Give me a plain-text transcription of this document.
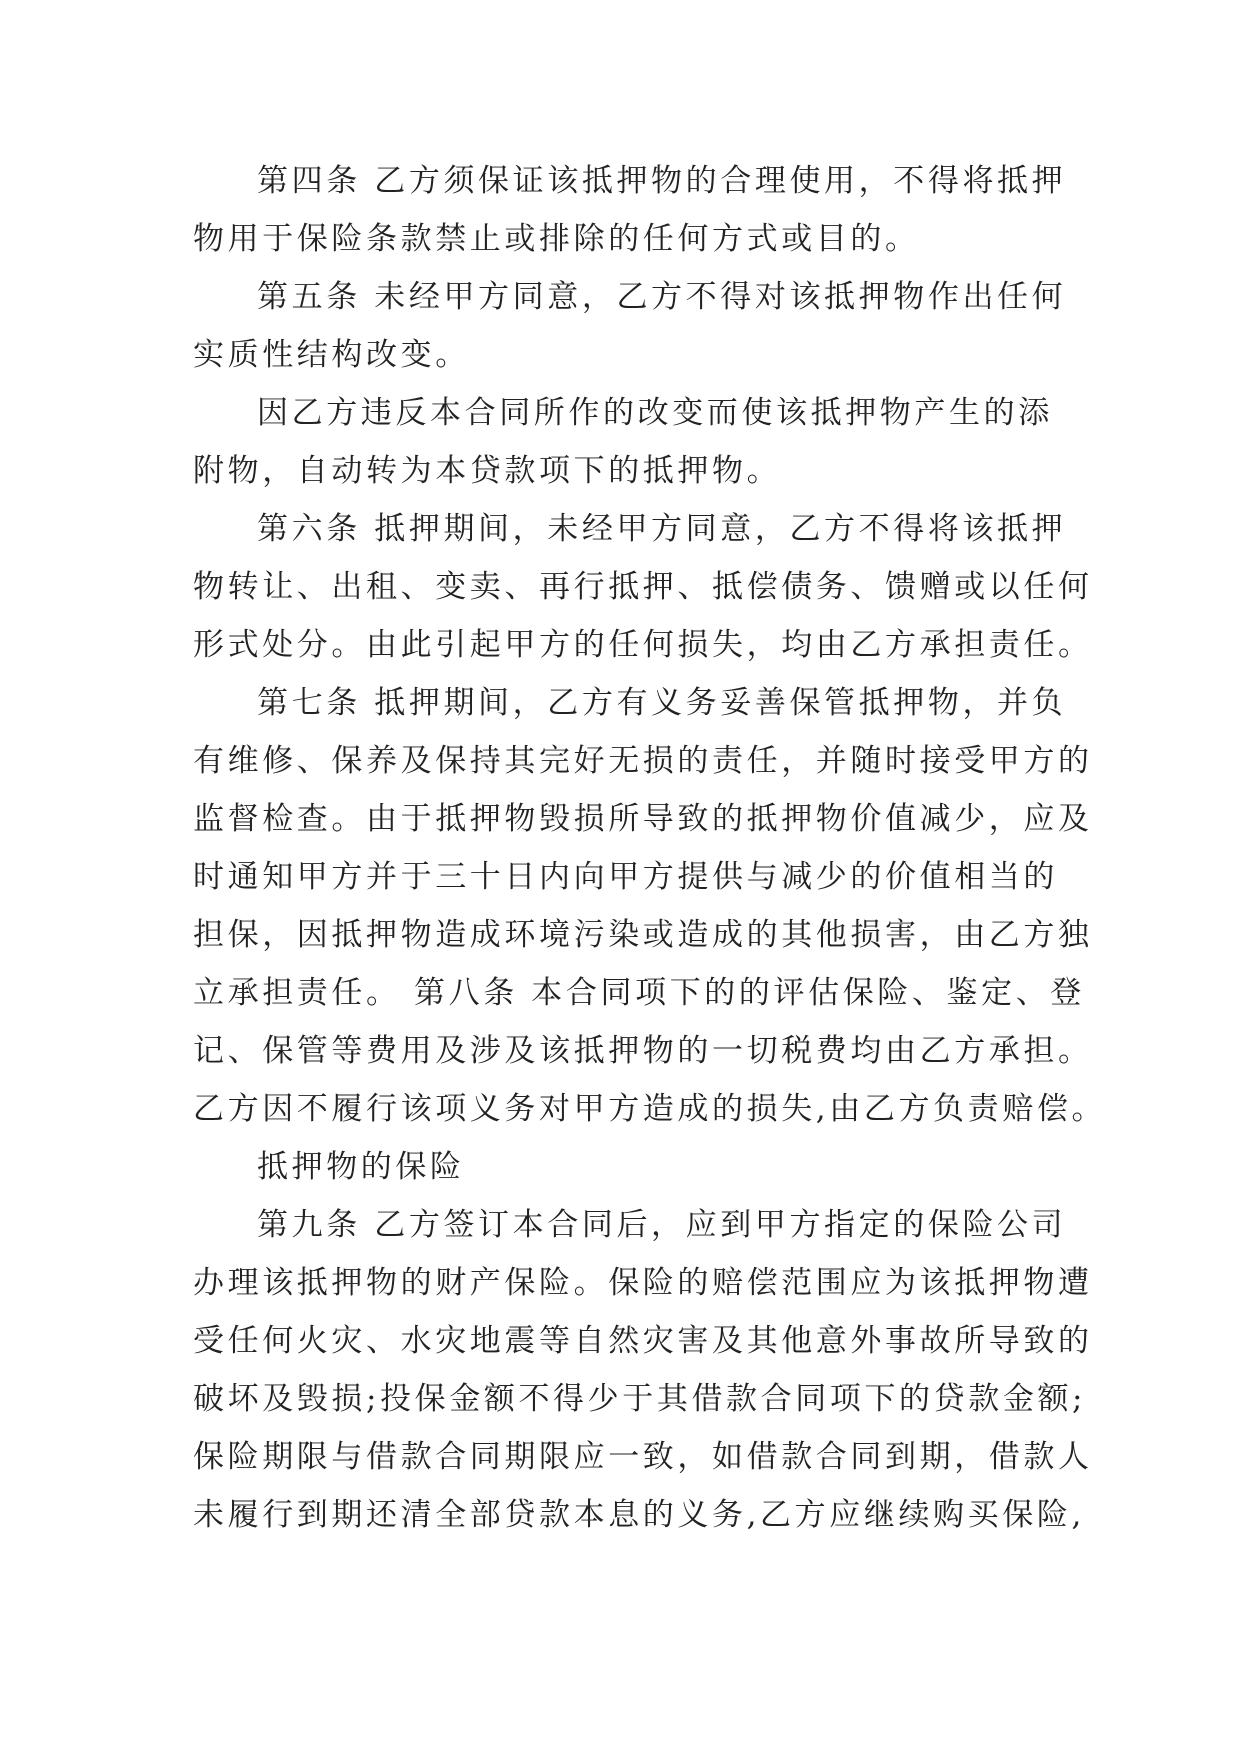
第四条 乙方须保证该抵押物的合理使用，不得将抵押
物用于保险条款禁止或排除的任何方式或目的。
第五条 未经甲方同意，乙方不得对该抵押物作出任何
实质性结构改变。
因乙方违反本合同所作的改变而使该抵押物产生的添
附物，自动转为本贷款项下的抵押物。
第六条 抵押期间，未经甲方同意，乙方不得将该抵押
物转让、出租、变卖、再行抵押、抵偿债务、馈赠或以任何
形式处分。由此引起甲方的任何损失，均由乙方承担责任。
第七条 抵押期间，乙方有义务妥善保管抵押物，并负
有维修、保养及保持其完好无损的责任，并随时接受甲方的
监督检查。由于抵押物毁损所导致的抵押物价值减少，应及
时通知甲方并于三十日内向甲方提供与减少的价值相当的
担保，因抵押物造成环境污染或造成的其他损害，由乙方独
立承担责任。 第八条 本合同项下的的评估保险、鉴定、登
记、保管等费用及涉及该抵押物的一切税费均由乙方承担。
乙方因不履行该项义务对甲方造成的损失,由乙方负责赔偿。
抵押物的保险
第九条 乙方签订本合同后，应到甲方指定的保险公司
办理该抵押物的财产保险。保险的赔偿范围应为该抵押物遭
受任何火灾、水灾地震等自然灾害及其他意外事故所导致的
破坏及毁损;投保金额不得少于其借款合同项下的贷款金额;
保险期限与借款合同期限应一致，如借款合同到期，借款人
未履行到期还清全部贷款本息的义务,乙方应继续购买保险,
